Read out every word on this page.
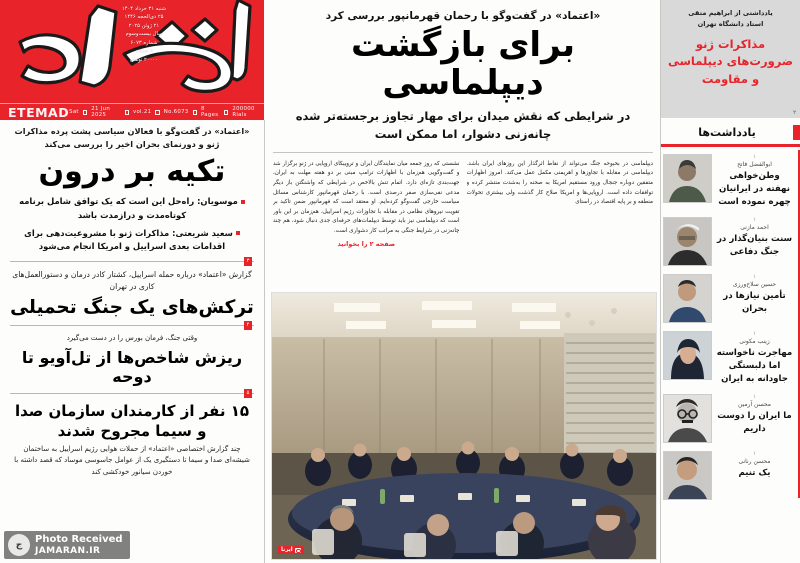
شنبه ۳۱ خرداد ۱۴۰۴
۲۵ ذی‌الحجه ۱۴۴۶
۲۱ ژوئن ۲۰۲۵
سال بیست‌و‌سوم
شماره ۶۰۷۳
۸ صفحه
۲۰۰۰۰ تومان
ETEMAD Sat 21 Jun 2025	vol.21 No.6073 8 Pages
200000 Rials
«اعتماد» در گفت‌وگو با فعالان سیاسی پشت پرده مذاکرات ژنو و دورنمای بحران اخیر را بررسی می‌کند
تکیه بر درون
موسویان: راه‌حل این است که یک توافق شامل برنامه کوتاه‌مدت و دراز‌مدت باشد
سعید شریعتی: مذاکرات ژنو با مشروعیت‌دهی برای اقدامات بعدی اسراییل و امریکا انجام می‌شود
۳
گزارش «اعتماد» درباره حمله اسراییل، کشتار کادر درمان و دستورالعمل‌های کاری در تهران
ترکش‌های یک جنگ تحمیلی
۴
وقتی جنگ، فرمان بورس را در دست می‌گیرد
ریزش شاخص‌ها از تل‌آویو تا دوحه
۵
۱۵ نفر از کارمندان سازمان صدا و سیما مجروح شدند
چند گزارش اختصاصی «اعتماد» از حملات هوایی رژیم اسراییل به ساختمان شیشه‌ای صدا و سیما تا دستگیری یک از عوامل جاسوسی موساد که قصد داشته با خوردن سیانور خودکشی کند
«اعتماد» در گفت‌وگو با رحمان قهرمانپور بررسی کرد
برای بازگشت دیپلماسی
در شرایطی که نقش میدان برای مهار تجاوز برجسته‌تر شده چانه‌زنی دشوار، اما ممکن است
دیپلماسی در بحبوحه جنگ می‌تواند از نقاط اثرگذار این روزهای ایران باشد. دیپلماسی در مقابله با تجاوزها و اهریمنی مکمل عمل می‌کند. امروز اظهارات متفقین دوباره جنجال ورود مستقیم امریکا به صحنه را به‌شدت منتشر کرده و توافقات داده است. اروپایی‌ها و امریکا صلاح کار گذشت ولی بیشتری تحولات منطقه و بر پایه اقتصاد در راستای
نشستی که روز جمعه میان نمایندگان ایران و تروییکای اروپایی در ژنو برگزار شد و گفت‌وگویی هم‌زمان با اظهارات ترامپ مبنی بر دو هفته مهلت به ایران، جهت‌بندی تازه‌ای دارد. اتمام تنش بالاخص در شرایطی که واشنگتن باز دیگر مدعی نفی‌سازی صفر درصدی است. با رحمان قهرمانپور کارشناس مسائل سیاست خارجی گفت‌وگو کرده‌ایم. او معتقد است که فهرمانپور ضمن تاکید بر تقویت نیروهای نظامی در مقابله با تجاوزات رژیم اسراییل، هم‌زمان بر این باور است که دیپلماسی نیز باید توسط دیپلمات‌های حرفه‌ای جدی دنبال شود، هم چند چانه‌زنی در شرایط جنگی به مراتب کار دشواری است.
صفحه ۲ را بخوانید
ایرنا
یادداشتی از ابراهیم متقی
استاد دانشگاه تهران
مذاکرات ژنو ضرورت‌های دیپلماسی و مقاومت
۲
یادداشت‌ها
۱
ابوالفضل فاتح
وطن‌خواهی نهفته در ایرانیان چهره نموده است
۱
احمد مازنی
سنت بنیان‌گذار در جنگ دفاعی
۱
حسین سلاح‌ورزی
تأمین نیازها در بحران
۱
زینب مکونی
مهاجرت ناخواسته اما دلبستگی جاودانه به ایران
۱
محسن آرمین
ما ایران را دوست داریم
۱
محسن رنانی
یک تنیم
ج	Photo Received
JAMARAN.IR
